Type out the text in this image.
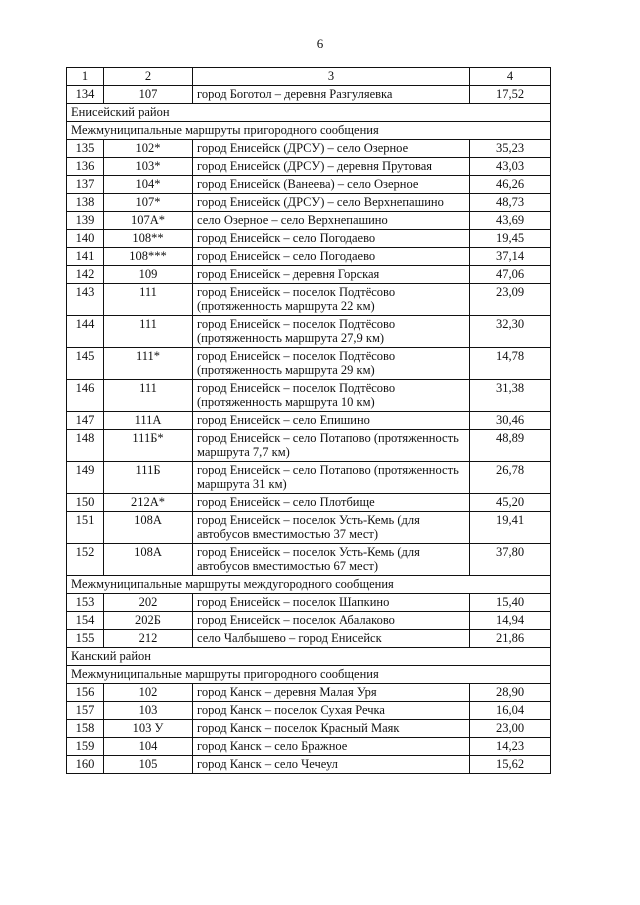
6
1	2	3	4
134	107	город Боготол – деревня Разгуляевка	17,52
Енисейский район			
Межмуниципальные маршруты пригородного сообщения			
135	102*	город Енисейск (ДРСУ) – село Озерное	35,23
136	103*	город Енисейск (ДРСУ) – деревня Прутовая	43,03
137	104*	город Енисейск (Ванеева) – село Озерное	46,26
138	107*	город Енисейск (ДРСУ) – село Верхнепашино	48,73
139	107А*	село Озерное – село Верхнепашино	43,69
140	108**	город Енисейск – село Погодаево	19,45
141	108***	город Енисейск – село Погодаево	37,14
142	109	город Енисейск – деревня Горская	47,06
143	111	город Енисейск – поселок Подтёсово (протяженность маршрута 22 км)	23,09
144	111	город Енисейск – поселок Подтёсово (протяженность маршрута 27,9 км)	32,30
145	111*	город Енисейск – поселок Подтёсово (протяженность маршрута 29 км)	14,78
146	111	город Енисейск – поселок Подтёсово (протяженность маршрута 10 км)	31,38
147	111А	город Енисейск – село Епишино	30,46
148	111Б*	город Енисейск – село Потапово (протяженность маршрута 7,7 км)	48,89
149	111Б	город Енисейск – село Потапово (протяженность маршрута 31 км)	26,78
150	212А*	город Енисейск – село Плотбище	45,20
151	108А	город Енисейск – поселок Усть-Кемь (для автобусов вместимостью 37 мест)	19,41
152	108А	город Енисейск – поселок Усть-Кемь (для автобусов вместимостью 67 мест)	37,80
Межмуниципальные маршруты междугородного сообщения			
153	202	город Енисейск – поселок Шапкино	15,40
154	202Б	город Енисейск – поселок Абалаково	14,94
155	212	село Чалбышево – город Енисейск	21,86
Канский район			
Межмуниципальные маршруты пригородного сообщения			
156	102	город Канск – деревня Малая Уря	28,90
157	103	город Канск – поселок Сухая Речка	16,04
158	103 У	город Канск – поселок Красный Маяк	23,00
159	104	город Канск – село Бражное	14,23
160	105	город Канск – село Чечеул	15,62
